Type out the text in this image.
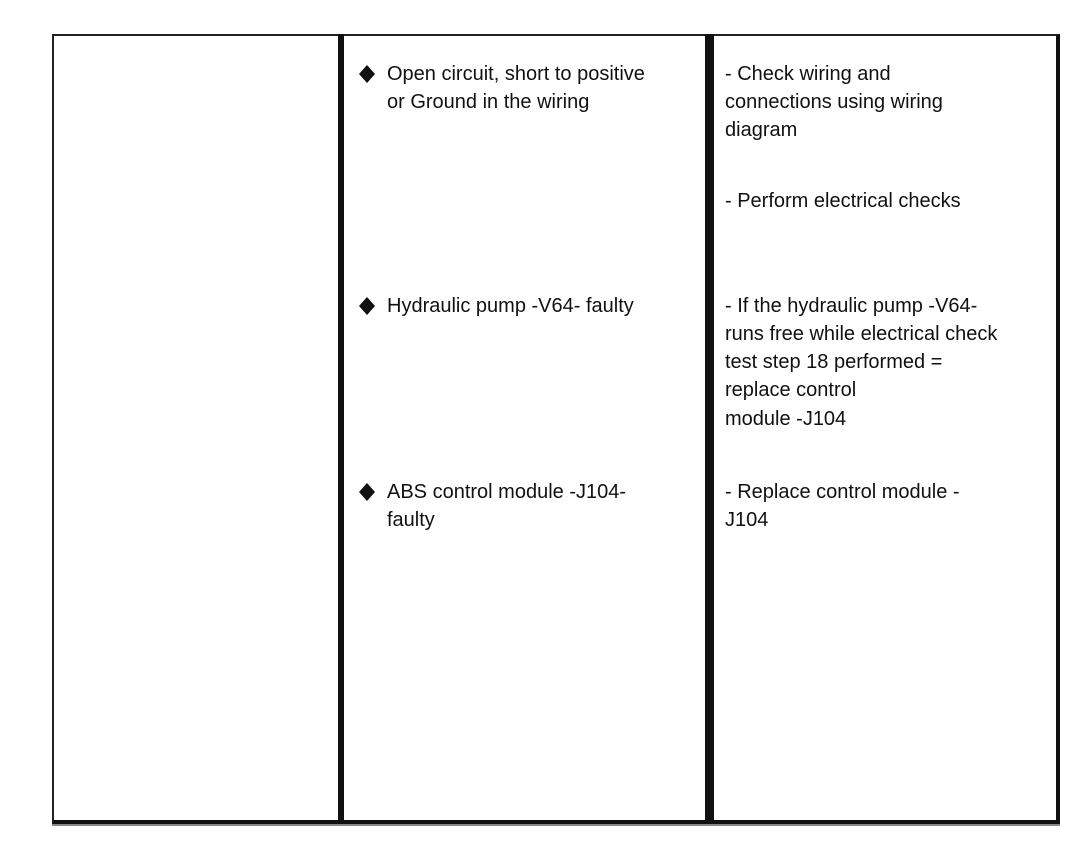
Open circuit, short to positive
or Ground in the wiring
- Check wiring and
connections using wiring
diagram
- Perform electrical checks
Hydraulic pump -V64- faulty	- If the hydraulic pump -V64-
runs free while electrical check
test step 18 performed =
replace control
module -J104
ABS control module -J104-
faulty
- Replace control module -
J104
